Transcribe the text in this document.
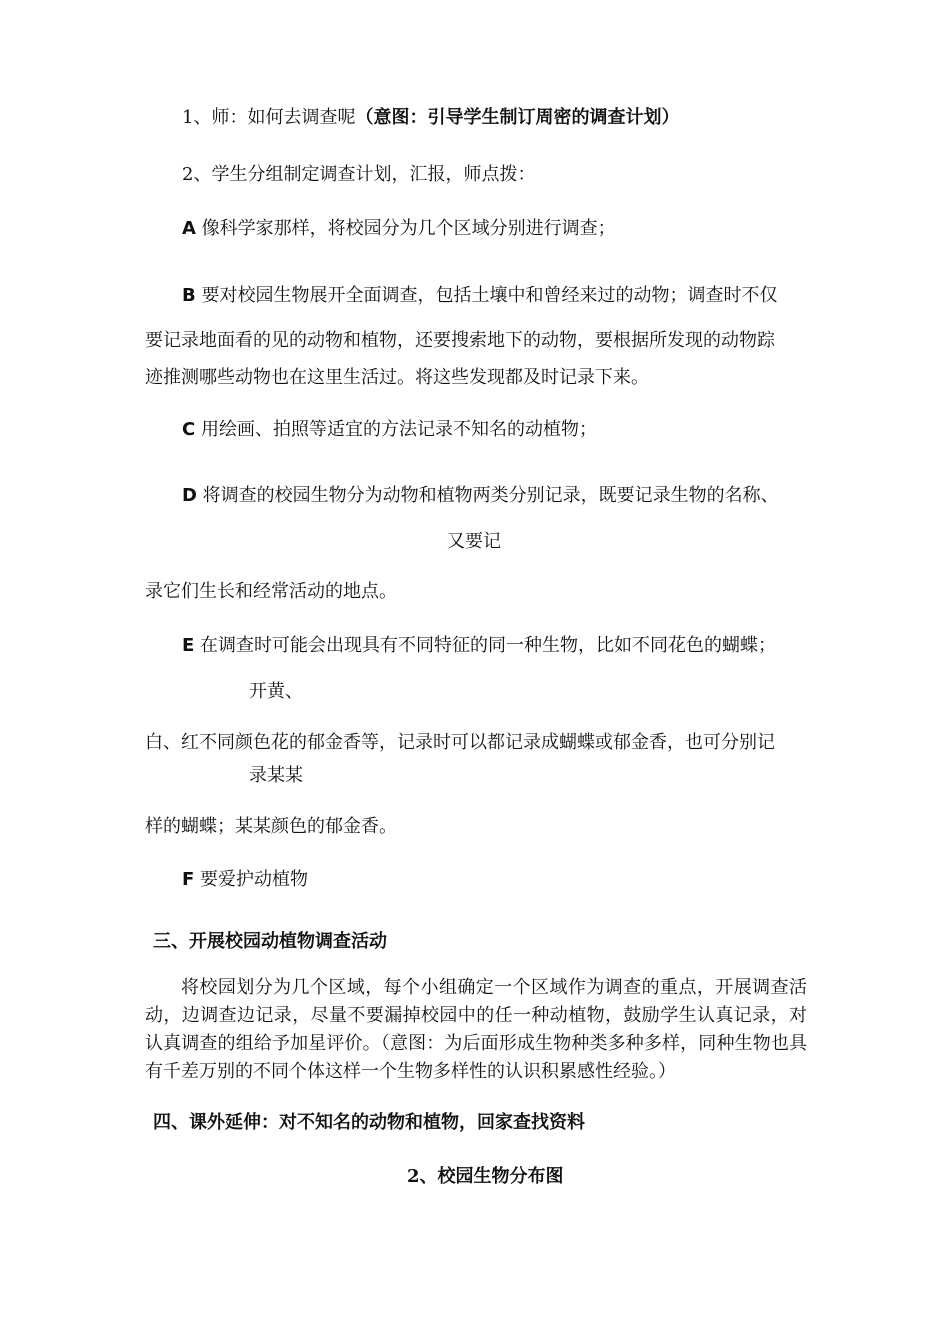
1、师：如何去调查呢（意图：引导学生制订周密的调查计划）
2、学生分组制定调查计划，汇报，师点拨：
A 像科学家那样，将校园分为几个区域分别进行调查；
B 要对校园生物展开全面调查，包括土壤中和曾经来过的动物；调查时不仅
要记录地面看的见的动物和植物，还要搜索地下的动物，要根据所发现的动物踪
迹推测哪些动物也在这里生活过。将这些发现都及时记录下来。
C 用绘画、拍照等适宜的方法记录不知名的动植物；
D 将调查的校园生物分为动物和植物两类分别记录，既要记录生物的名称、
又要记
录它们生长和经常活动的地点。
E 在调查时可能会出现具有不同特征的同一种生物，比如不同花色的蝴蝶；
开黄、
白、红不同颜色花的郁金香等，记录时可以都记录成蝴蝶或郁金香，也可分别记
录某某
样的蝴蝶；某某颜色的郁金香。
F 要爱护动植物
三、开展校园动植物调查活动
将校园划分为几个区域，每个小组确定一个区域作为调查的重点，开展调查活动，边调查边记录，尽量不要漏掉校园中的任一种动植物，鼓励学生认真记录，对认真调查的组给予加星评价。（意图：为后面形成生物种类多种多样，同种生物也具有千差万别的不同个体这样一个生物多样性的认识积累感性经验。）
四、课外延伸：对不知名的动物和植物，回家查找资料
2、校园生物分布图
